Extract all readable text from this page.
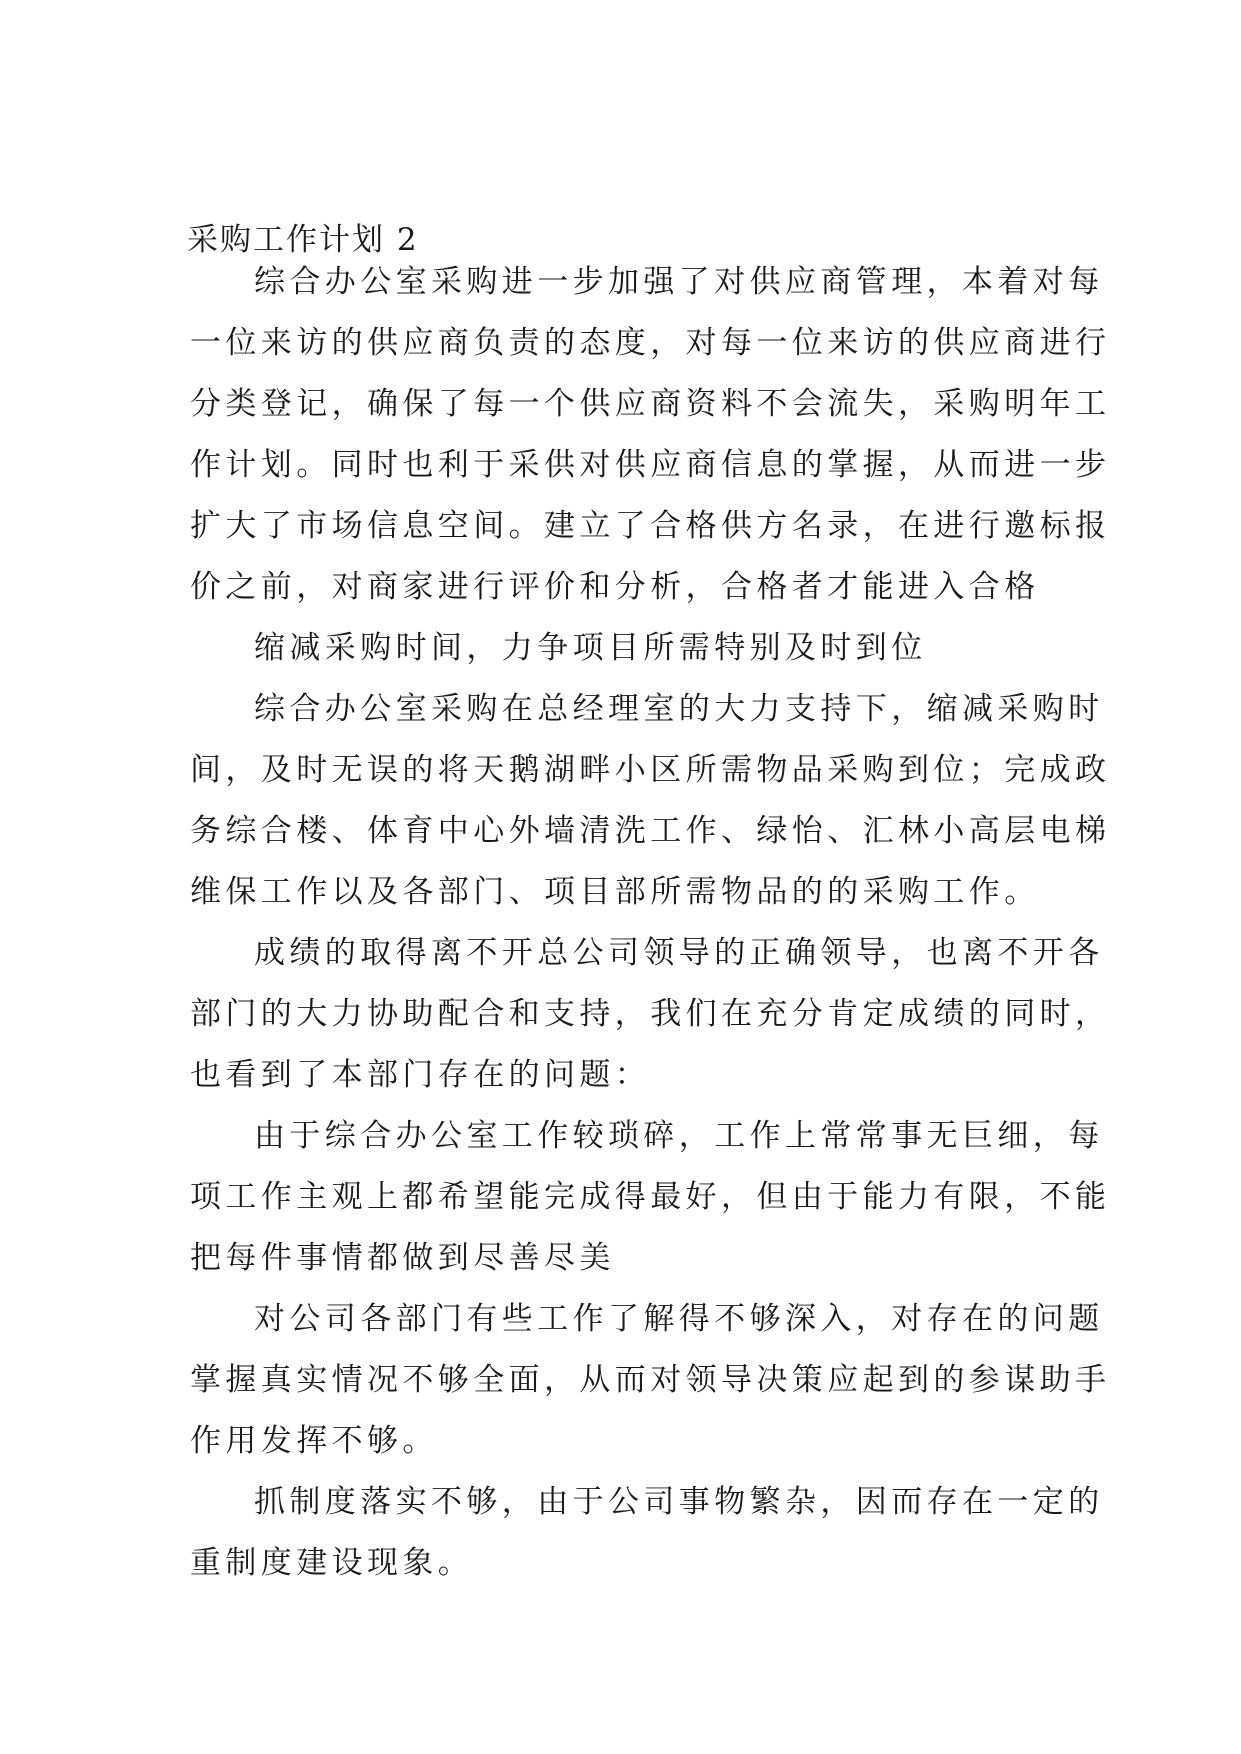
采购工作计划 2
综合办公室采购进一步加强了对供应商管理，本着对每
一位来访的供应商负责的态度，对每一位来访的供应商进行
分类登记，确保了每一个供应商资料不会流失，采购明年工
作计划。同时也利于采供对供应商信息的掌握，从而进一步
扩大了市场信息空间。建立了合格供方名录，在进行邀标报
价之前，对商家进行评价和分析，合格者才能进入合格
缩减采购时间，力争项目所需特别及时到位
综合办公室采购在总经理室的大力支持下，缩减采购时
间，及时无误的将天鹅湖畔小区所需物品采购到位；完成政
务综合楼、体育中心外墙清洗工作、绿怡、汇林小高层电梯
维保工作以及各部门、项目部所需物品的的采购工作。
成绩的取得离不开总公司领导的正确领导，也离不开各
部门的大力协助配合和支持，我们在充分肯定成绩的同时，
也看到了本部门存在的问题：
由于综合办公室工作较琐碎，工作上常常事无巨细，每
项工作主观上都希望能完成得最好，但由于能力有限，不能
把每件事情都做到尽善尽美
对公司各部门有些工作了解得不够深入，对存在的问题
掌握真实情况不够全面，从而对领导决策应起到的参谋助手
作用发挥不够。
抓制度落实不够，由于公司事物繁杂，因而存在一定的
重制度建设现象。
